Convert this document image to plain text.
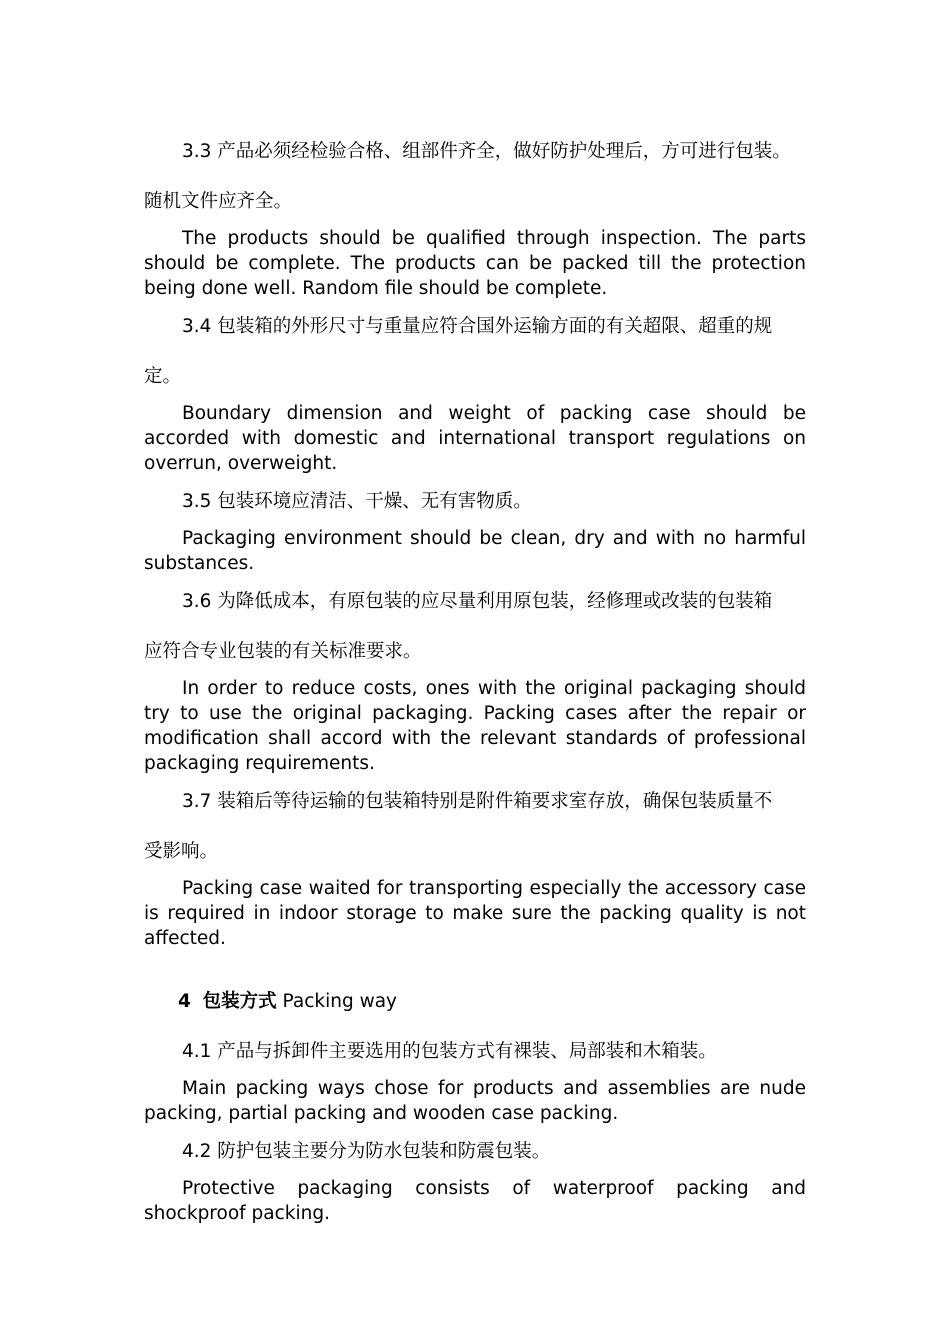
3.3 产品必须经检验合格、组部件齐全，做好防护处理后，方可进行包装。

随机文件应齐全。

The products should be qualified through inspection. The parts should be complete. The products can be packed till the protection being done well. Random file should be complete.

3.4 包装箱的外形尺寸与重量应符合国外运输方面的有关超限、超重的规

定。

Boundary dimension and weight of packing case should be accorded with domestic and international transport regulations on overrun, overweight.

3.5 包装环境应清洁、干燥、无有害物质。

Packaging environment should be clean, dry and with no harmful substances.

3.6 为降低成本，有原包装的应尽量利用原包装，经修理或改装的包装箱

应符合专业包装的有关标准要求。

In order to reduce costs, ones with the original packaging should try to use the original packaging. Packing cases after the repair or modification shall accord with the relevant standards of professional packaging requirements.

3.7 装箱后等待运输的包装箱特别是附件箱要求室存放，确保包装质量不

受影响。

Packing case waited for transporting especially the accessory case is required in indoor storage to make sure the packing quality is not affected.

4 包装方式 Packing way

4.1 产品与拆卸件主要选用的包装方式有裸装、局部装和木箱装。

Main packing ways chose for products and assemblies are nude packing, partial packing and wooden case packing.

4.2 防护包装主要分为防水包装和防震包装。

Protective packaging consists of waterproof packing and shockproof packing.
